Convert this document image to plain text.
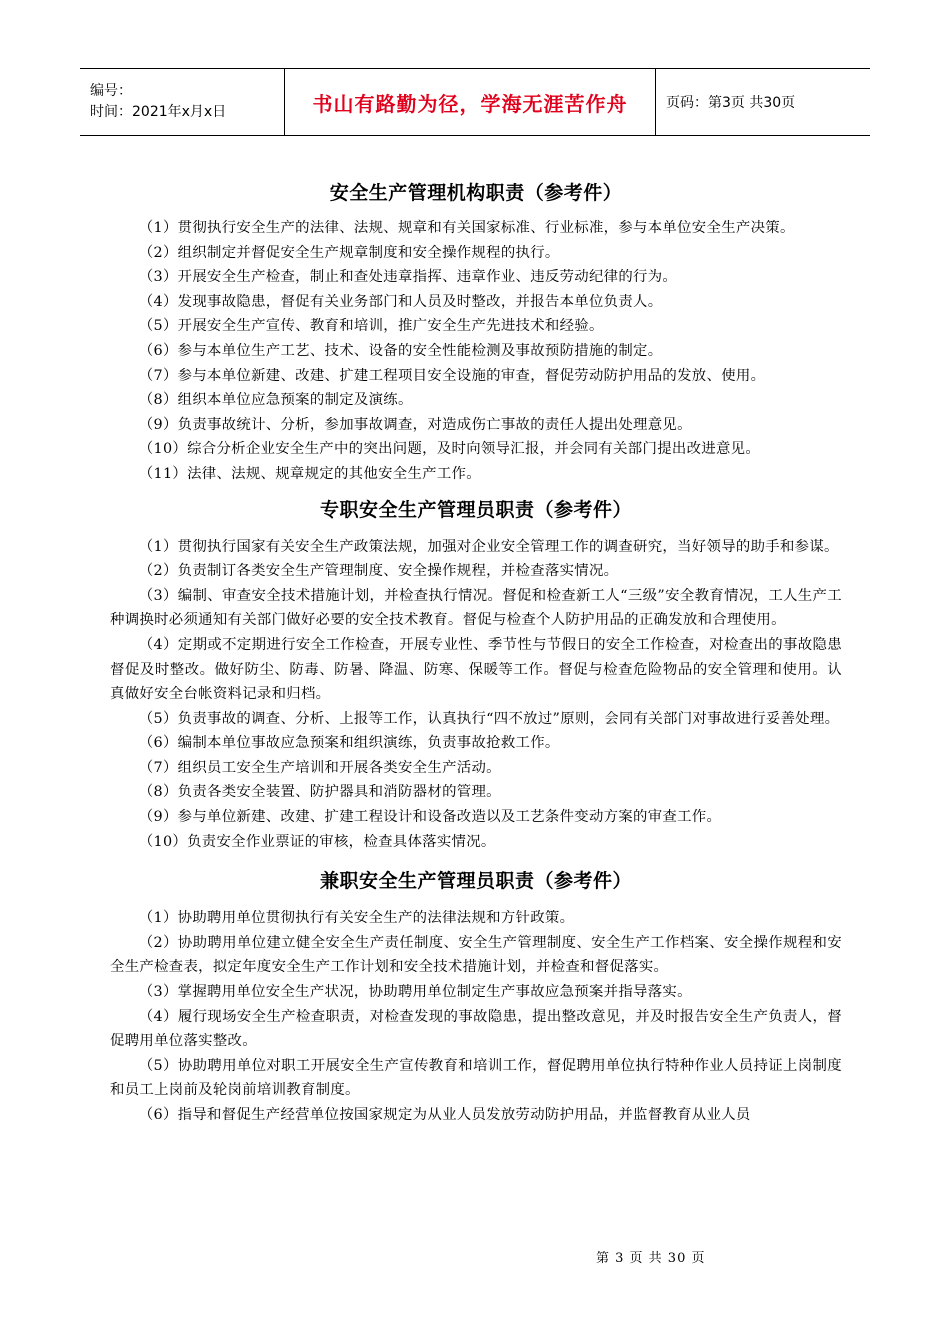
编号：
时间：2021年x月x日	书山有路勤为径，学海无涯苦作舟	页码：第3页 共30页
安全生产管理机构职责（参考件）

（1）贯彻执行安全生产的法律、法规、规章和有关国家标准、行业标准，参与本单位安全生产决策。

（2）组织制定并督促安全生产规章制度和安全操作规程的执行。

（3）开展安全生产检查，制止和查处违章指挥、违章作业、违反劳动纪律的行为。

（4）发现事故隐患，督促有关业务部门和人员及时整改，并报告本单位负责人。

（5）开展安全生产宣传、教育和培训，推广安全生产先进技术和经验。

（6）参与本单位生产工艺、技术、设备的安全性能检测及事故预防措施的制定。

（7）参与本单位新建、改建、扩建工程项目安全设施的审查，督促劳动防护用品的发放、使用。

（8）组织本单位应急预案的制定及演练。

（9）负责事故统计、分析，参加事故调查，对造成伤亡事故的责任人提出处理意见。

（10）综合分析企业安全生产中的突出问题，及时向领导汇报，并会同有关部门提出改进意见。

（11）法律、法规、规章规定的其他安全生产工作。

专职安全生产管理员职责（参考件）

（1）贯彻执行国家有关安全生产政策法规，加强对企业安全管理工作的调查研究，当好领导的助手和参谋。

（2）负责制订各类安全生产管理制度、安全操作规程，并检查落实情况。

（3）编制、审查安全技术措施计划，并检查执行情况。督促和检查新工人“三级”安全教育情况，工人生产工种调换时必须通知有关部门做好必要的安全技术教育。督促与检查个人防护用品的正确发放和合理使用。

（4）定期或不定期进行安全工作检查，开展专业性、季节性与节假日的安全工作检查，对检查出的事故隐患督促及时整改。做好防尘、防毒、防暑、降温、防寒、保暖等工作。督促与检查危险物品的安全管理和使用。认真做好安全台帐资料记录和归档。

（5）负责事故的调查、分析、上报等工作，认真执行“四不放过”原则，会同有关部门对事故进行妥善处理。

（6）编制本单位事故应急预案和组织演练，负责事故抢救工作。

（7）组织员工安全生产培训和开展各类安全生产活动。

（8）负责各类安全装置、防护器具和消防器材的管理。

（9）参与单位新建、改建、扩建工程设计和设备改造以及工艺条件变动方案的审查工作。

（10）负责安全作业票证的审核，检查具体落实情况。

兼职安全生产管理员职责（参考件）

（1）协助聘用单位贯彻执行有关安全生产的法律法规和方针政策。

（2）协助聘用单位建立健全安全生产责任制度、安全生产管理制度、安全生产工作档案、安全操作规程和安全生产检查表，拟定年度安全生产工作计划和安全技术措施计划，并检查和督促落实。

（3）掌握聘用单位安全生产状况，协助聘用单位制定生产事故应急预案并指导落实。

（4）履行现场安全生产检查职责，对检查发现的事故隐患，提出整改意见，并及时报告安全生产负责人，督促聘用单位落实整改。

（5）协助聘用单位对职工开展安全生产宣传教育和培训工作，督促聘用单位执行特种作业人员持证上岗制度和员工上岗前及轮岗前培训教育制度。

（6）指导和督促生产经营单位按国家规定为从业人员发放劳动防护用品，并监督教育从业人员

第 3 页 共 30 页
